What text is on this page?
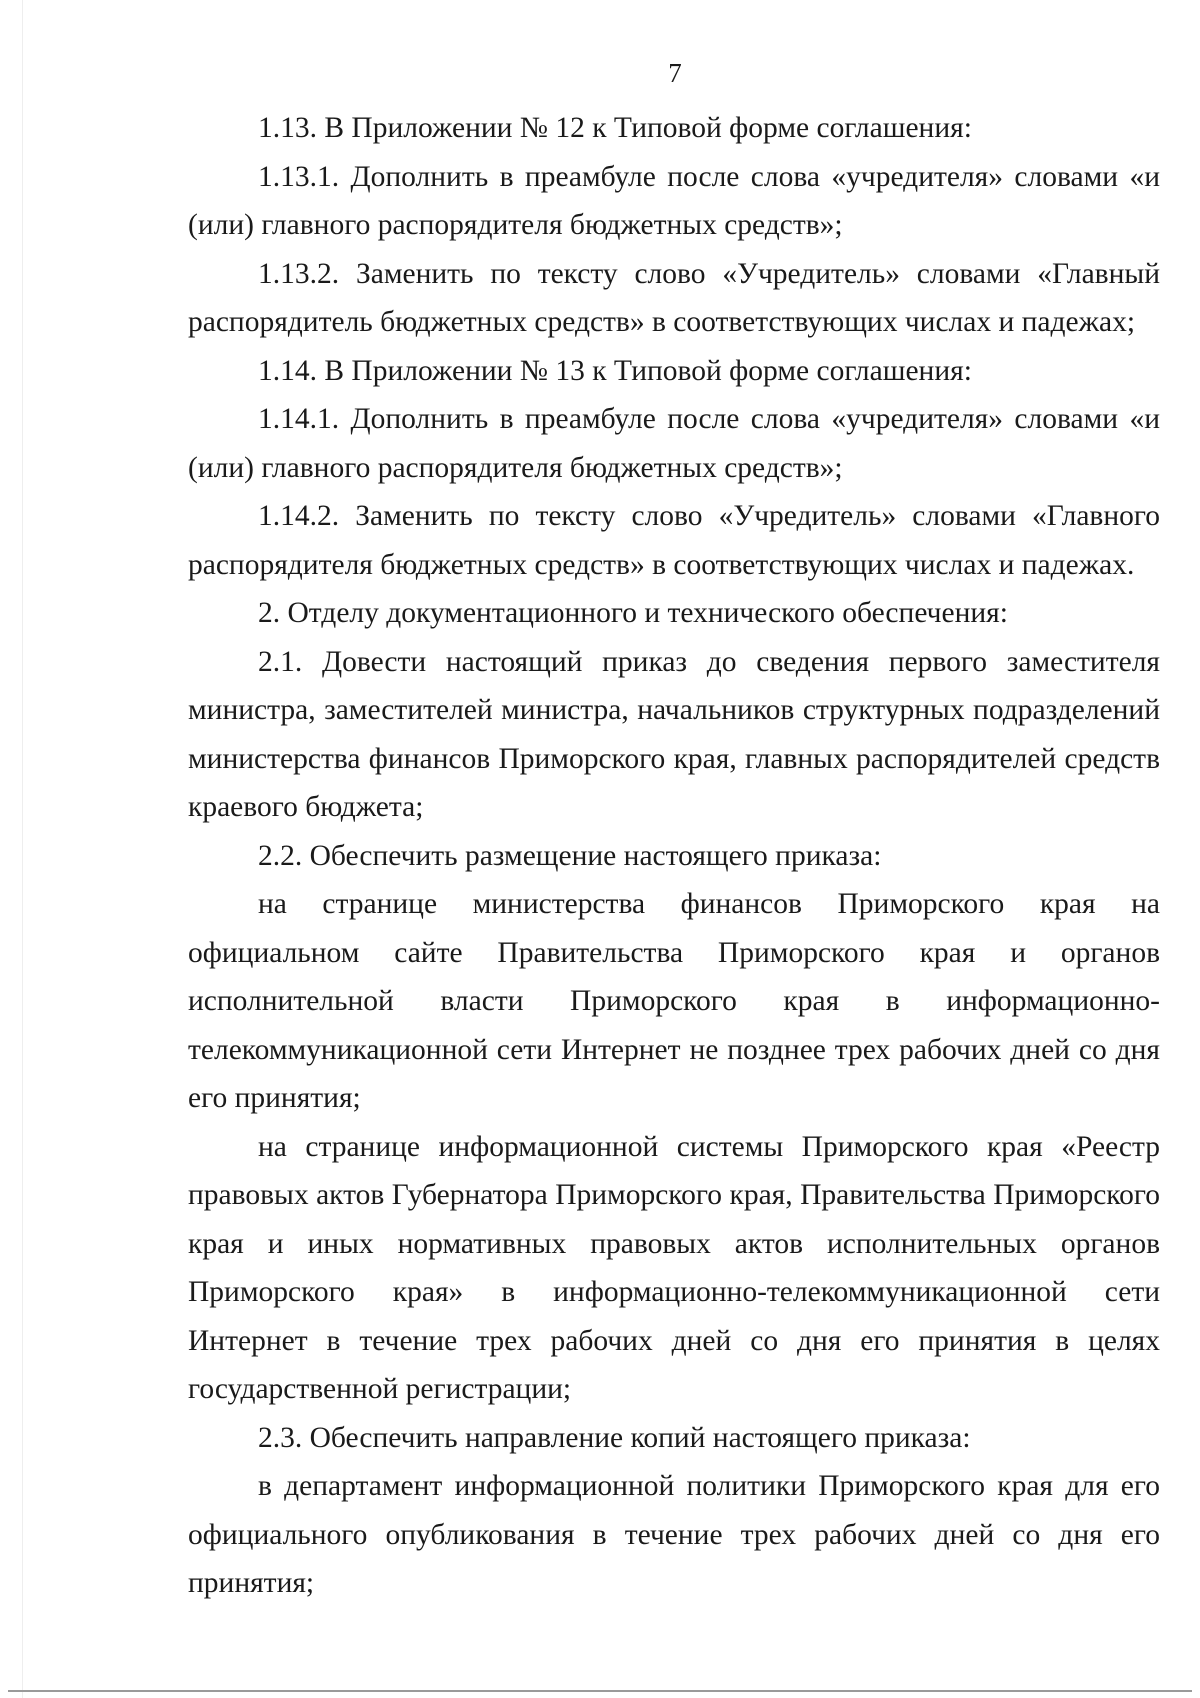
7

1.13. В Приложении № 12 к Типовой форме соглашения:

1.13.1. Дополнить в преамбуле после слова «учредителя» словами «и (или) главного распорядителя бюджетных средств»;

1.13.2. Заменить по тексту слово «Учредитель» словами «Главный распорядитель бюджетных средств» в соответствующих числах и падежах;

1.14. В Приложении № 13 к Типовой форме соглашения:

1.14.1. Дополнить в преамбуле после слова «учредителя» словами «и (или) главного распорядителя бюджетных средств»;

1.14.2. Заменить по тексту слово «Учредитель» словами «Главного распорядителя бюджетных средств» в соответствующих числах и падежах.

2. Отделу документационного и технического обеспечения:

2.1. Довести настоящий приказ до сведения первого заместителя министра, заместителей министра, начальников структурных подразделений министерства финансов Приморского края, главных распорядителей средств краевого бюджета;

2.2. Обеспечить размещение настоящего приказа:

на странице министерства финансов Приморского края на официальном сайте Правительства Приморского края и органов исполнительной власти Приморского края в информационно-телекоммуникационной сети Интернет не позднее трех рабочих дней со дня его принятия;

на странице информационной системы Приморского края «Реестр правовых актов Губернатора Приморского края, Правительства Приморского края и иных нормативных правовых актов исполнительных органов Приморского края» в информационно-телекоммуникационной сети Интернет в течение трех рабочих дней со дня его принятия в целях государственной регистрации;

2.3. Обеспечить направление копий настоящего приказа:

в департамент информационной политики Приморского края для его официального опубликования в течение трех рабочих дней со дня его принятия;
